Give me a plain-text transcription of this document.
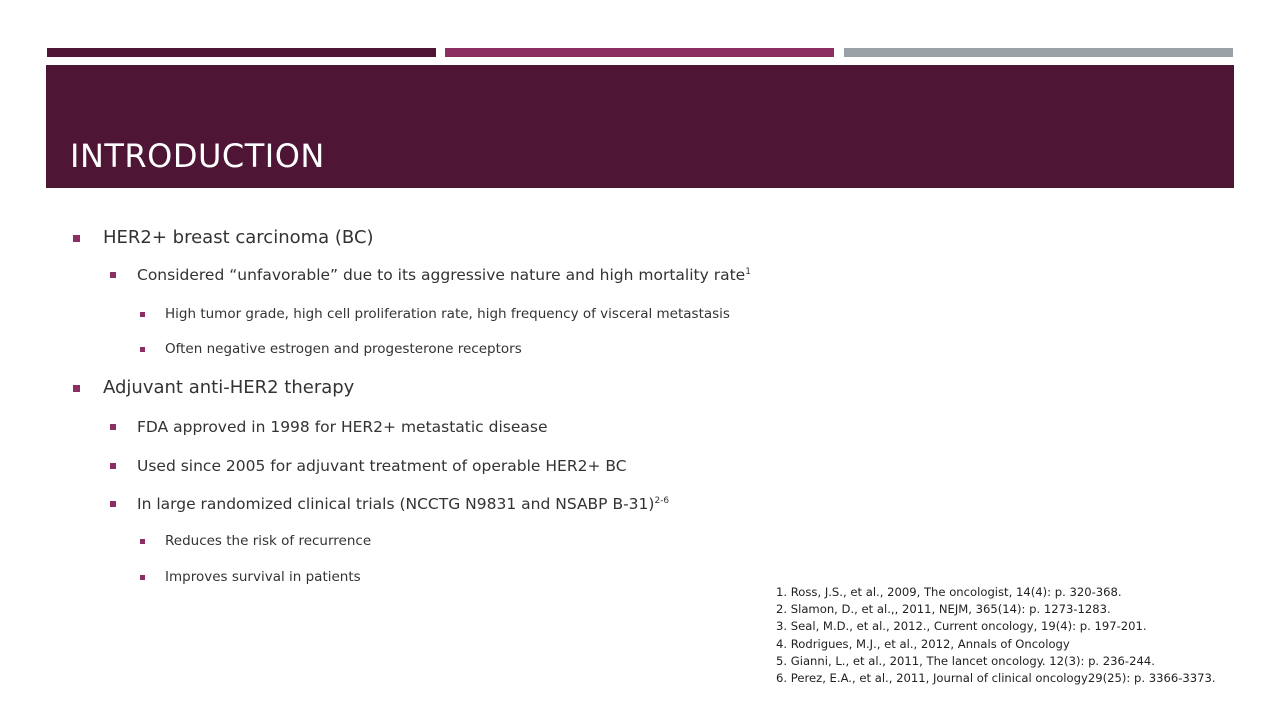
INTRODUCTION
HER2+ breast carcinoma (BC)
Considered “unfavorable” due to its aggressive nature and high mortality rate$^1$
High tumor grade, high cell proliferation rate, high frequency of visceral metastasis
Often negative estrogen and progesterone receptors
Adjuvant anti-HER2 therapy
FDA approved in 1998 for HER2+ metastatic disease
Used since 2005 for adjuvant treatment of operable HER2+ BC
In large randomized clinical trials (NCCTG N9831 and NSABP B-31)$^{2-6}$
Reduces the risk of recurrence
Improves survival in patients
1. Ross, J.S., et al., 2009, The oncologist, 14(4): p. 320-368.
2. Slamon, D., et al.,, 2011, NEJM, 365(14): p. 1273-1283.
3. Seal, M.D., et al., 2012., Current oncology, 19(4): p. 197-201.
4. Rodrigues, M.J., et al., 2012, Annals of Oncology
5. Gianni, L., et al., 2011, The lancet oncology. 12(3): p. 236-244.
6. Perez, E.A., et al., 2011, Journal of clinical oncology29(25): p. 3366-3373.
